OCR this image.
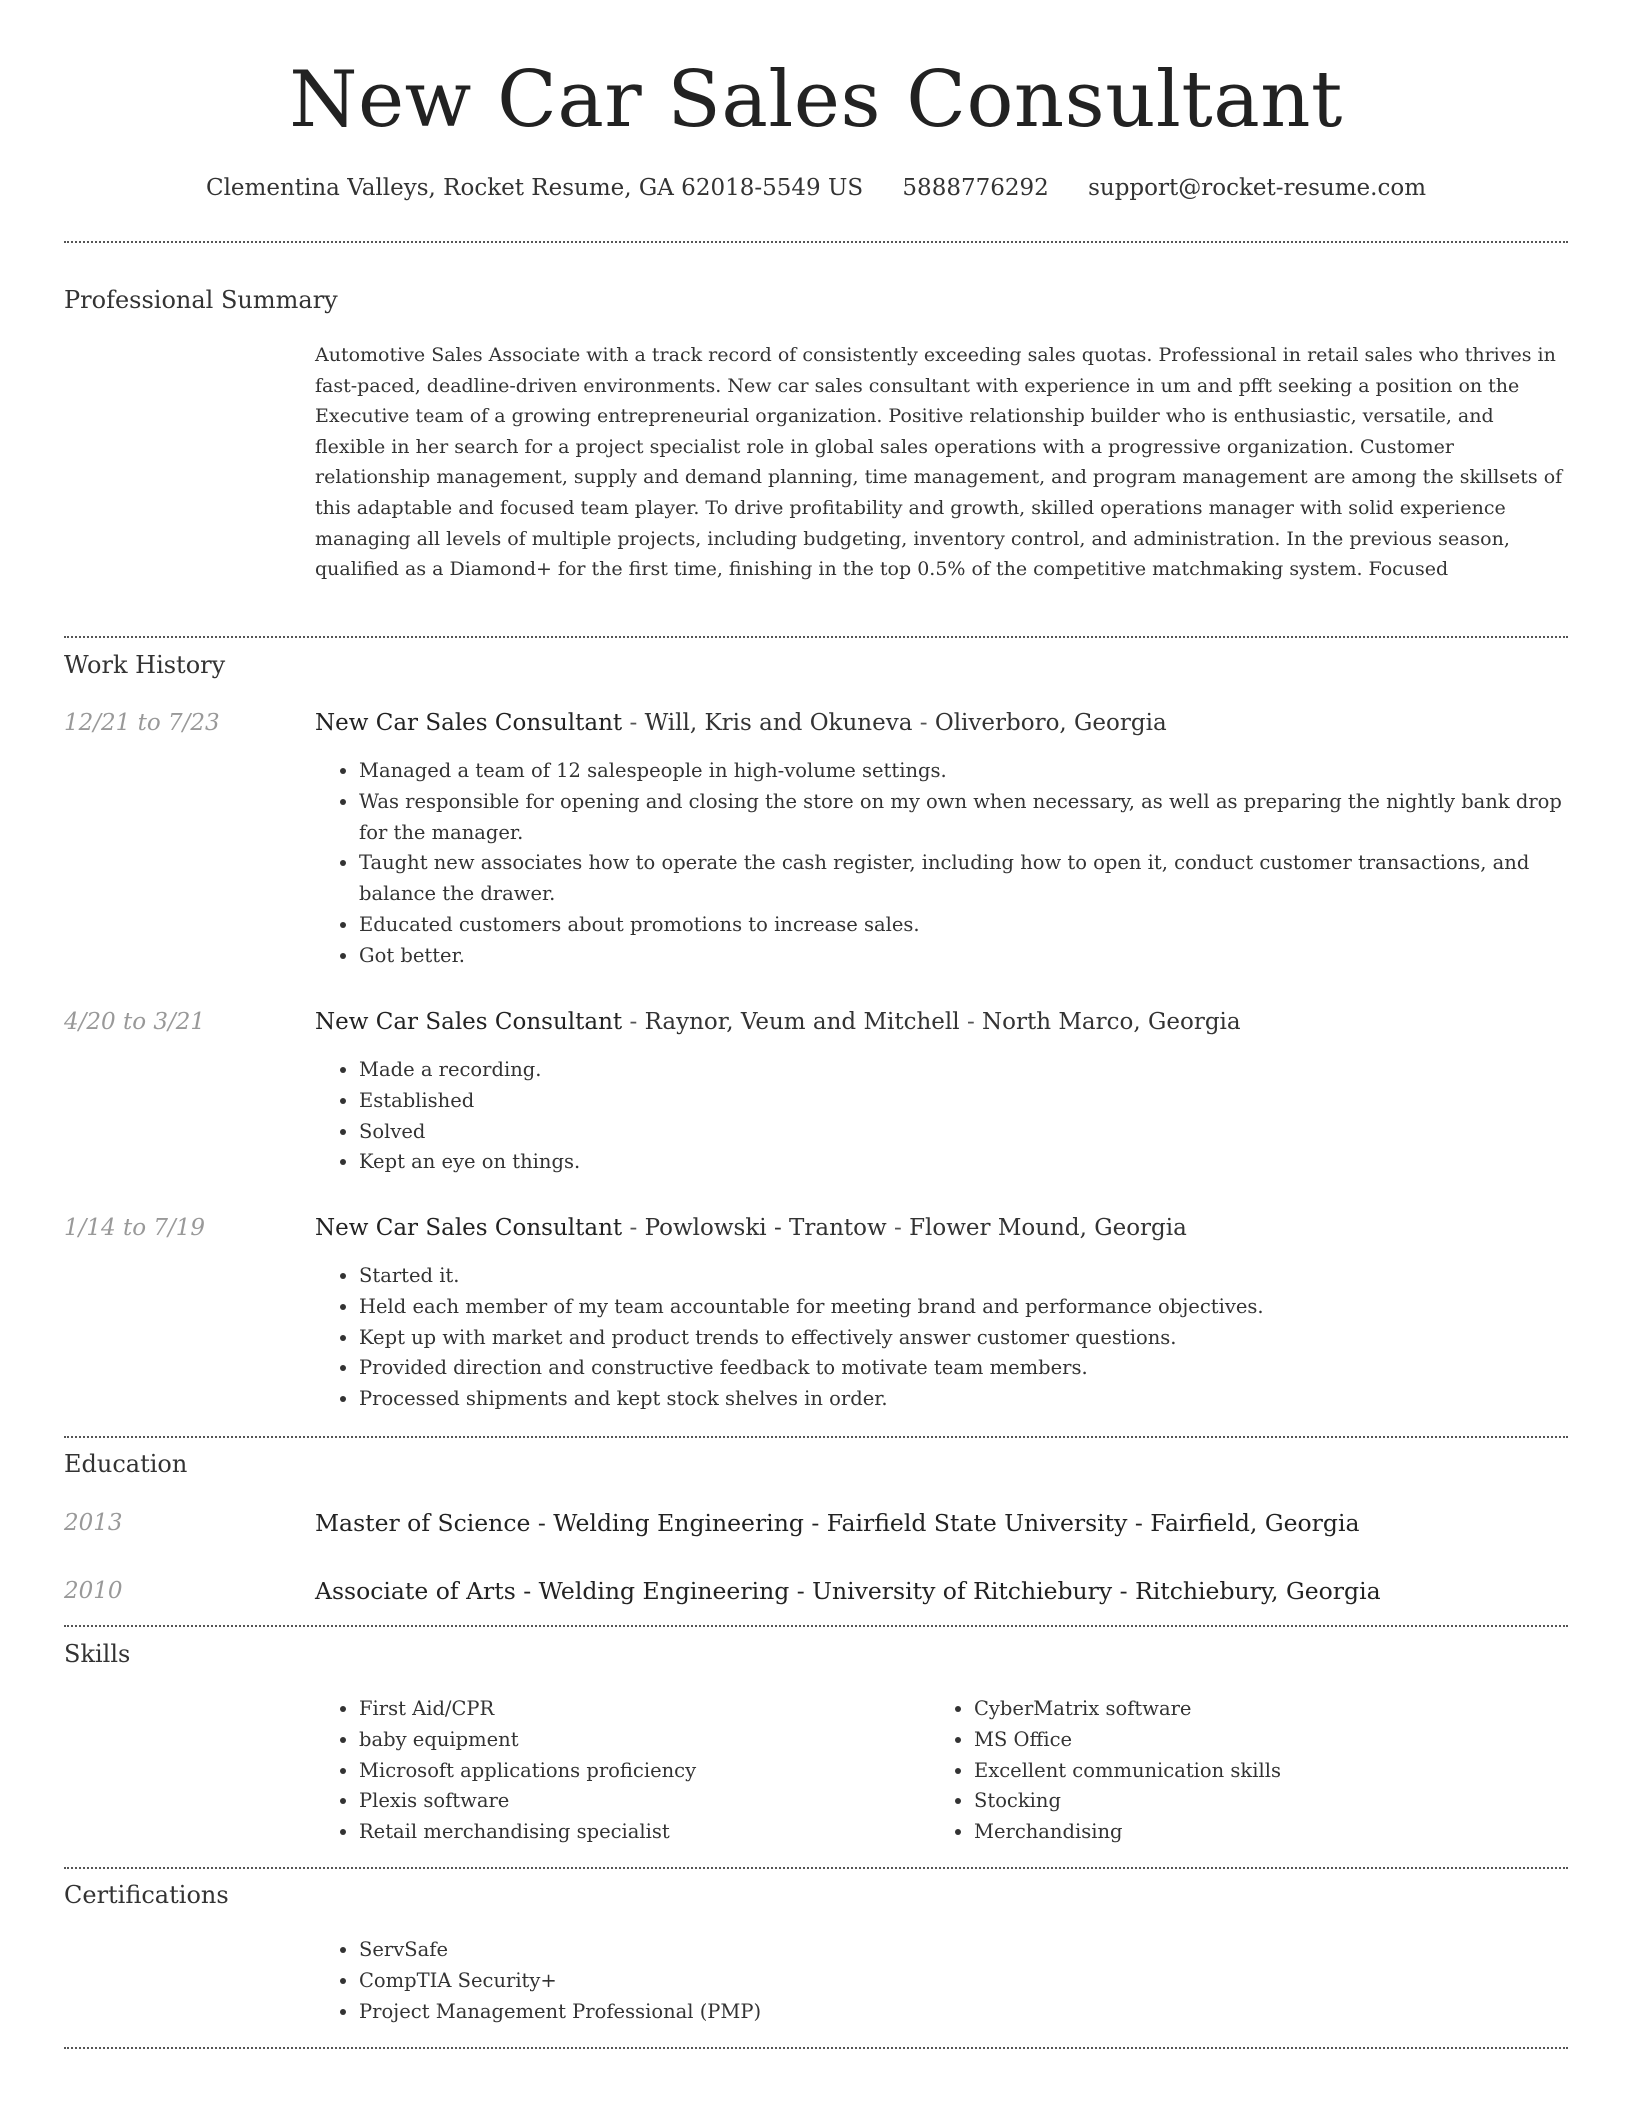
New Car Sales Consultant
Clementina Valleys, Rocket Resume, GA 62018-5549 US 5888776292 support@rocket-resume.com
Professional Summary

Automotive Sales Associate with a track record of consistently exceeding sales quotas. Professional in retail sales who thrives in fast-paced, deadline-driven environments. New car sales consultant with experience in um and pfft seeking a position on the Executive team of a growing entrepreneurial organization. Positive relationship builder who is enthusiastic, versatile, and flexible in her search for a project specialist role in global sales operations with a progressive organization. Customer relationship management, supply and demand planning, time management, and program management are among the skillsets of this adaptable and focused team player. To drive profitability and growth, skilled operations manager with solid experience managing all levels of multiple projects, including budgeting, inventory control, and administration. In the previous season, qualified as a Diamond+ for the first time, finishing in the top 0.5% of the competitive matchmaking system. Focused

Work History
12/21 to 7/23	New Car Sales Consultant - Will, Kris and Okuneva - Oliverboro, Georgia
• Managed a team of 12 salespeople in high-volume settings.
• Was responsible for opening and closing the store on my own when necessary, as well as preparing the nightly bank drop for the manager.
• Taught new associates how to operate the cash register, including how to open it, conduct customer transactions, and balance the drawer.
• Educated customers about promotions to increase sales.
• Got better.
4/20 to 3/21	New Car Sales Consultant - Raynor, Veum and Mitchell - North Marco, Georgia
• Made a recording.
• Established
• Solved
• Kept an eye on things.
1/14 to 7/19	New Car Sales Consultant - Powlowski - Trantow - Flower Mound, Georgia
• Started it.
• Held each member of my team accountable for meeting brand and performance objectives.
• Kept up with market and product trends to effectively answer customer questions.
• Provided direction and constructive feedback to motivate team members.
• Processed shipments and kept stock shelves in order.
Education
2013	Master of Science - Welding Engineering - Fairfield State University - Fairfield, Georgia
2010	Associate of Arts - Welding Engineering - University of Ritchiebury - Ritchiebury, Georgia
Skills
• First Aid/CPR
• baby equipment
• Microsoft applications proficiency
• Plexis software
• Retail merchandising specialist
• CyberMatrix software
• MS Office
• Excellent communication skills
• Stocking
• Merchandising
Certifications
• ServSafe
• CompTIA Security+
• Project Management Professional (PMP)
